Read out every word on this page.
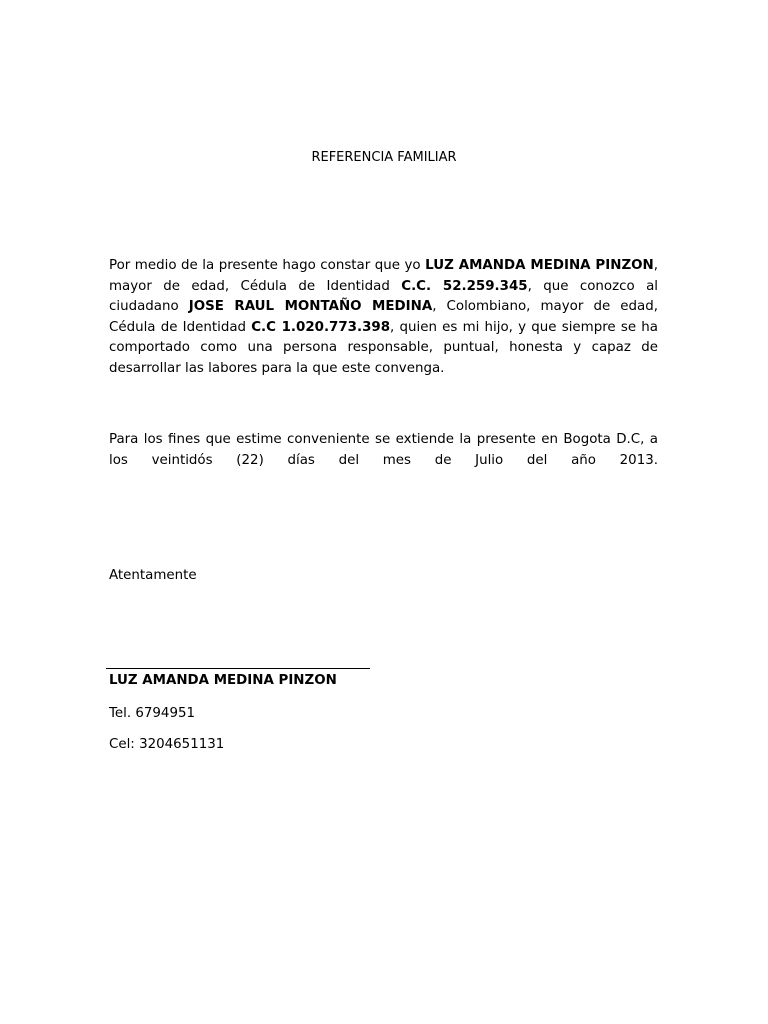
REFERENCIA FAMILIAR
Por medio de la presente hago constar que yo LUZ AMANDA MEDINA PINZON, mayor de edad, Cédula de Identidad C.C. 52.259.345, que conozco al ciudadano JOSE RAUL MONTAÑO MEDINA, Colombiano, mayor de edad, Cédula de Identidad C.C 1.020.773.398, quien es mi hijo, y que siempre se ha comportado como una persona responsable, puntual, honesta y capaz de desarrollar las labores para la que este convenga.
Para los fines que estime conveniente se extiende la presente en Bogota D.C, a los veintidós (22) días del mes de Julio del año 2013.
Atentamente
LUZ AMANDA MEDINA PINZON
Tel. 6794951
Cel: 3204651131
